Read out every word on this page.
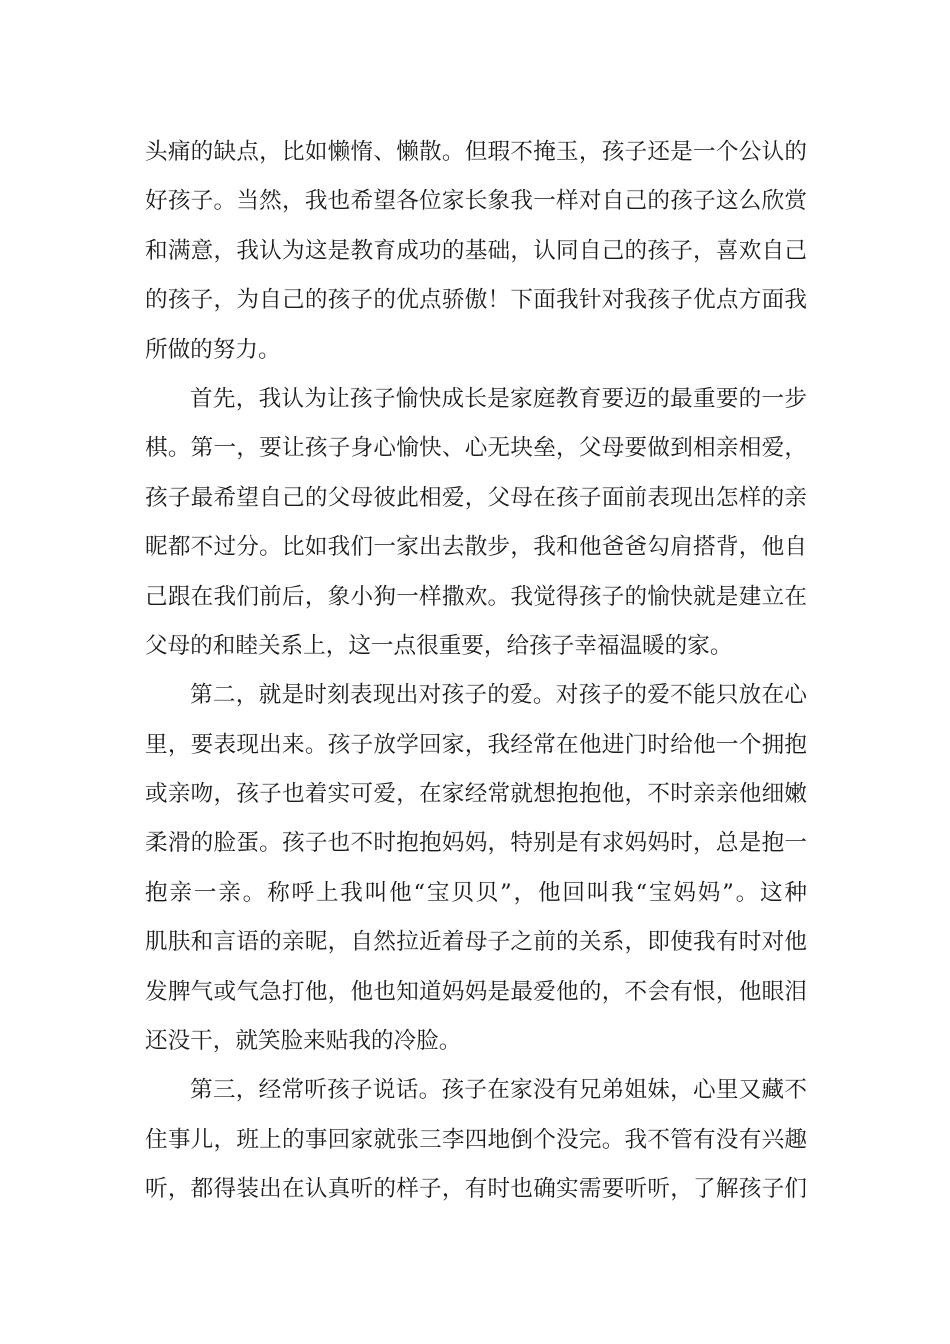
头痛的缺点，比如懒惰、懒散。但瑕不掩玉，孩子还是一个公认的
好孩子。当然，我也希望各位家长象我一样对自己的孩子这么欣赏
和满意，我认为这是教育成功的基础，认同自己的孩子，喜欢自己
的孩子，为自己的孩子的优点骄傲！下面我针对我孩子优点方面我
所做的努力。
首先，我认为让孩子愉快成长是家庭教育要迈的最重要的一步
棋。第一，要让孩子身心愉快、心无块垒，父母要做到相亲相爱，
孩子最希望自己的父母彼此相爱，父母在孩子面前表现出怎样的亲
昵都不过分。比如我们一家出去散步，我和他爸爸勾肩搭背，他自
己跟在我们前后，象小狗一样撒欢。我觉得孩子的愉快就是建立在
父母的和睦关系上，这一点很重要，给孩子幸福温暖的家。
第二，就是时刻表现出对孩子的爱。对孩子的爱不能只放在心
里，要表现出来。孩子放学回家，我经常在他进门时给他一个拥抱
或亲吻，孩子也着实可爱，在家经常就想抱抱他，不时亲亲他细嫩
柔滑的脸蛋。孩子也不时抱抱妈妈，特别是有求妈妈时，总是抱一
抱亲一亲。称呼上我叫他“宝贝贝”，他回叫我“宝妈妈”。这种
肌肤和言语的亲昵，自然拉近着母子之前的关系，即使我有时对他
发脾气或气急打他，他也知道妈妈是最爱他的，不会有恨，他眼泪
还没干，就笑脸来贴我的冷脸。
第三，经常听孩子说话。孩子在家没有兄弟姐妹，心里又藏不
住事儿，班上的事回家就张三李四地倒个没完。我不管有没有兴趣
听，都得装出在认真听的样子，有时也确实需要听听，了解孩子们
